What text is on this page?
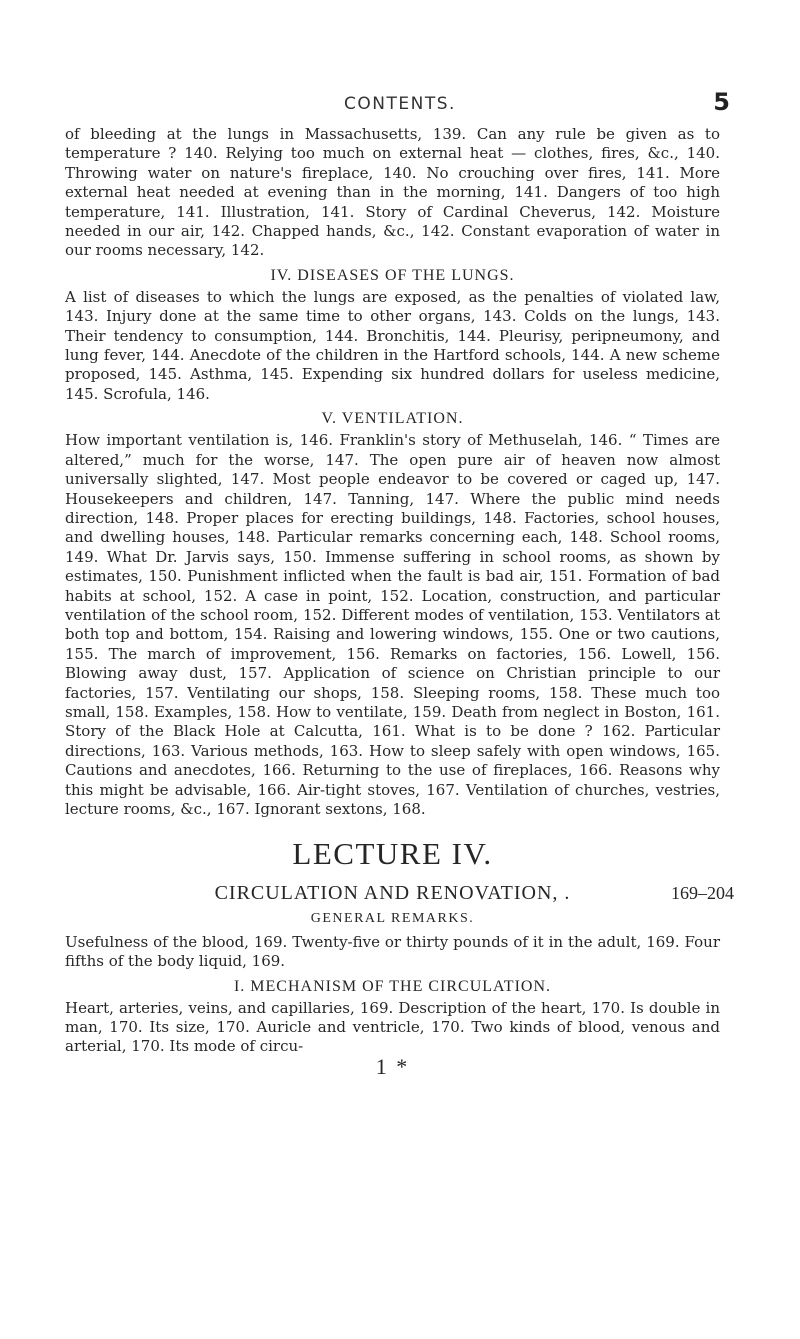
CONTENTS.	5

of bleeding at the lungs in Massachusetts, 139. Can any rule be given as to temperature ? 140. Relying too much on external heat — clothes, fires, &c., 140. Throwing water on nature's fireplace, 140. No crouching over fires, 141. More external heat needed at evening than in the morning, 141. Dangers of too high temperature, 141. Illustration, 141. Story of Cardinal Cheverus, 142. Moisture needed in our air, 142. Chapped hands, &c., 142. Constant evaporation of water in our rooms necessary, 142.

IV. DISEASES OF THE LUNGS.

A list of diseases to which the lungs are exposed, as the penalties of violated law, 143. Injury done at the same time to other organs, 143. Colds on the lungs, 143. Their tendency to consumption, 144. Bronchitis, 144. Pleurisy, peripneumony, and lung fever, 144. Anecdote of the children in the Hartford schools, 144. A new scheme proposed, 145. Asthma, 145. Expending six hundred dollars for useless medicine, 145. Scrofula, 146.

V. VENTILATION.

How important ventilation is, 146. Franklin's story of Methuselah, 146. “ Times are altered,” much for the worse, 147. The open pure air of heaven now almost universally slighted, 147. Most people endeavor to be covered or caged up, 147. Housekeepers and children, 147. Tanning, 147. Where the public mind needs direction, 148. Proper places for erecting buildings, 148. Factories, school houses, and dwelling houses, 148. Particular remarks concerning each, 148. School rooms, 149. What Dr. Jarvis says, 150. Immense suffering in school rooms, as shown by estimates, 150. Punishment inflicted when the fault is bad air, 151. Formation of bad habits at school, 152. A case in point, 152. Location, construction, and particular ventilation of the school room, 152. Different modes of ventilation, 153. Ventilators at both top and bottom, 154. Raising and lowering windows, 155. One or two cautions, 155. The march of improvement, 156. Remarks on factories, 156. Lowell, 156. Blowing away dust, 157. Application of science on Christian principle to our factories, 157. Ventilating our shops, 158. Sleeping rooms, 158. These much too small, 158. Examples, 158. How to ventilate, 159. Death from neglect in Boston, 161. Story of the Black Hole at Calcutta, 161. What is to be done ? 162. Particular directions, 163. Various methods, 163. How to sleep safely with open windows, 165. Cautions and anecdotes, 166. Returning to the use of fireplaces, 166. Reasons why this might be advisable, 166. Air-tight stoves, 167. Ventilation of churches, vestries, lecture rooms, &c., 167. Ignorant sextons, 168.

LECTURE IV.
CIRCULATION AND RENOVATION, .	169–204
GENERAL REMARKS.

Usefulness of the blood, 169. Twenty-five or thirty pounds of it in the adult, 169. Four fifths of the body liquid, 169.

I. MECHANISM OF THE CIRCULATION.

Heart, arteries, veins, and capillaries, 169. Description of the heart, 170. Is double in man, 170. Its size, 170. Auricle and ventricle, 170. Two kinds of blood, venous and arterial, 170. Its mode of circu-

1 *
